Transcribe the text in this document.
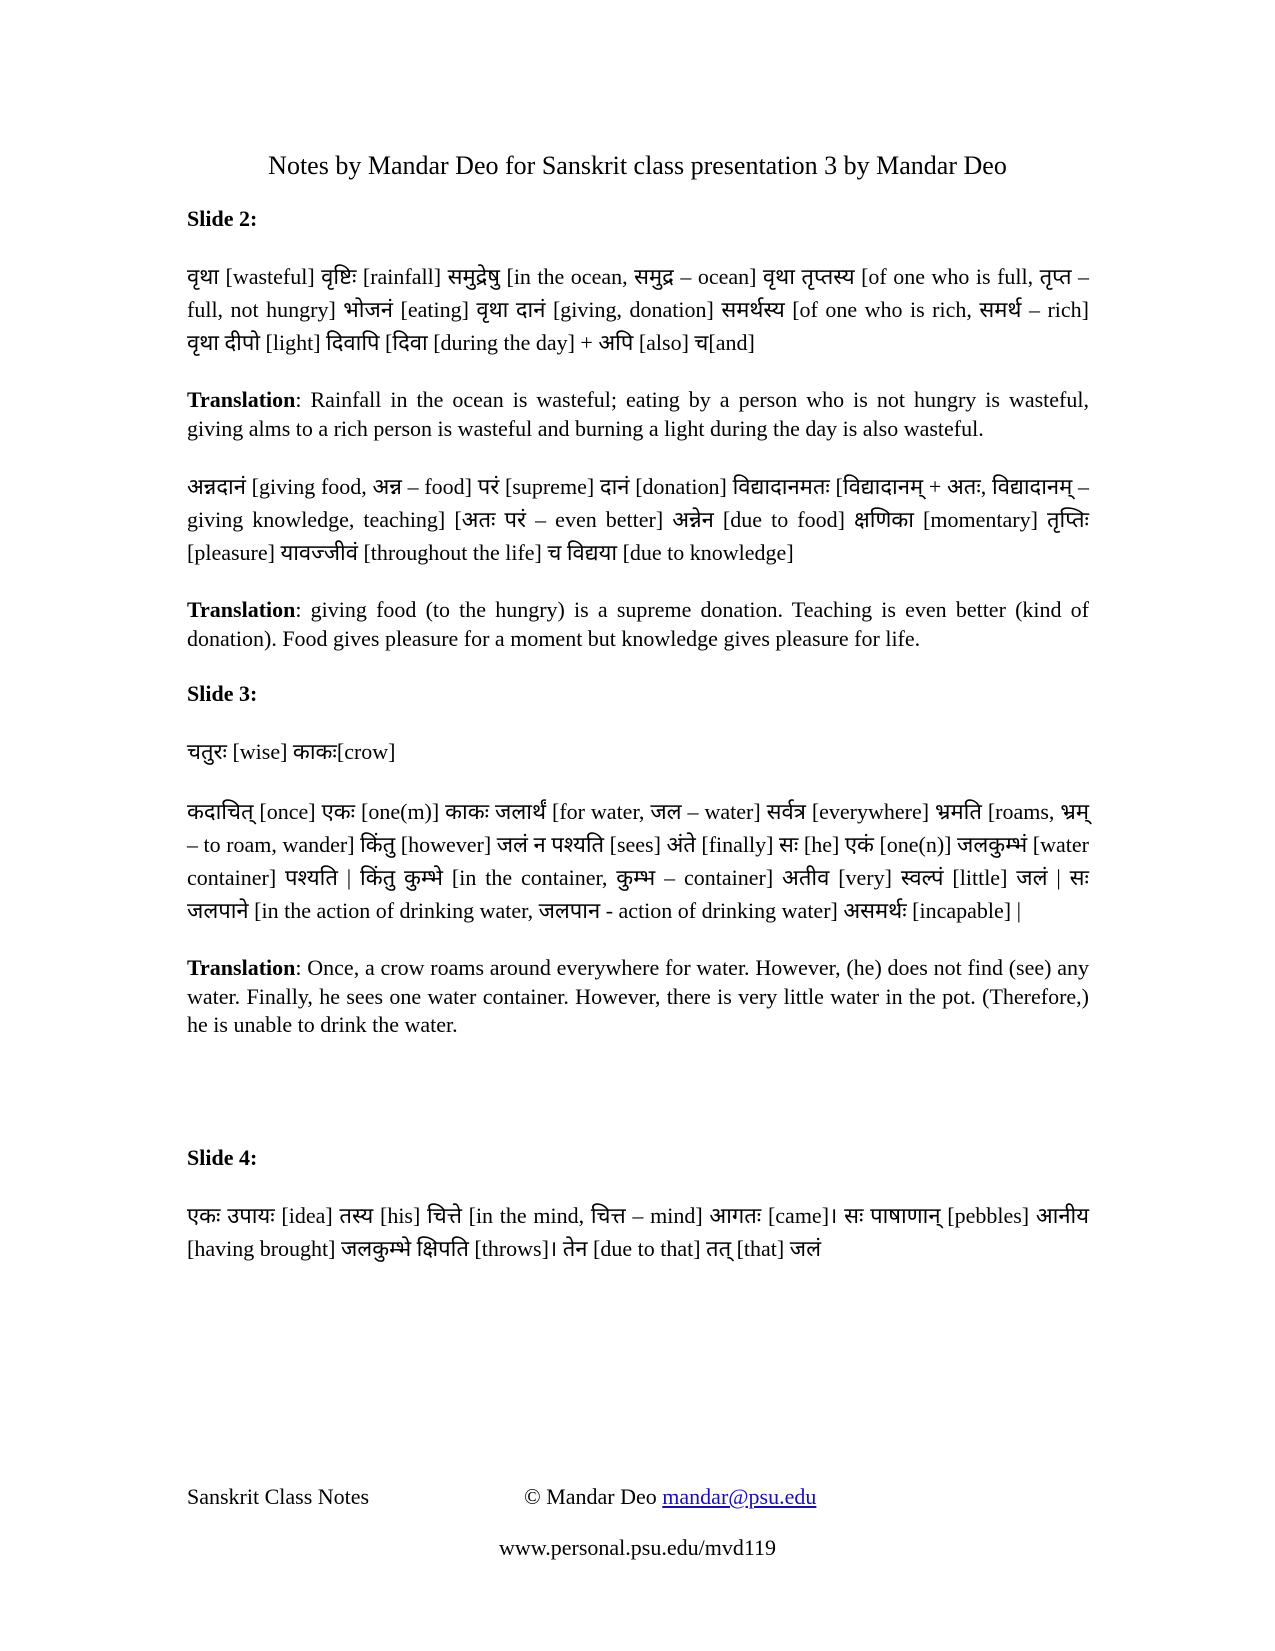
Notes by Mandar Deo for Sanskrit class presentation 3 by Mandar Deo

Slide 2:

वृथा [wasteful] वृष्टिः [rainfall] समुद्रेषु [in the ocean, समुद्र – ocean] वृथा तृप्तस्य [of one who is full, तृप्त – full, not hungry] भोजनं [eating] वृथा दानं [giving, donation] समर्थस्य [of one who is rich, समर्थ – rich] वृथा दीपो [light] दिवापि [दिवा [during the day] + अपि [also] च[and]

Translation: Rainfall in the ocean is wasteful; eating by a person who is not hungry is wasteful, giving alms to a rich person is wasteful and burning a light during the day is also wasteful.

अन्नदानं [giving food, अन्न – food] परं [supreme] दानं [donation] विद्यादानमतः [विद्यादानम् + अतः, विद्यादानम् – giving knowledge, teaching] [अतः परं – even better] अन्नेन [due to food] क्षणिका [momentary] तृप्तिः [pleasure] यावज्जीवं [throughout the life] च विद्यया [due to knowledge]

Translation: giving food (to the hungry) is a supreme donation. Teaching is even better (kind of donation). Food gives pleasure for a moment but knowledge gives pleasure for life.

Slide 3:

चतुरः [wise] काकः[crow]

कदाचित् [once] एकः [one(m)] काकः जलार्थं [for water, जल – water] सर्वत्र [everywhere] भ्रमति [roams, भ्रम् – to roam, wander] किंतु [however] जलं न पश्यति [sees] अंते [finally] सः [he] एकं [one(n)] जलकुम्भं [water container] पश्यति | किंतु कुम्भे [in the container, कुम्भ – container] अतीव [very] स्वल्पं [little] जलं | सः जलपाने [in the action of drinking water, जलपान - action of drinking water] असमर्थः [incapable] |

Translation: Once, a crow roams around everywhere for water. However, (he) does not find (see) any water. Finally, he sees one water container. However, there is very little water in the pot. (Therefore,) he is unable to drink the water.

Slide 4:

एकः उपायः [idea] तस्य [his] चित्ते [in the mind, चित्त – mind] आगतः [came]। सः पाषाणान् [pebbles] आनीय [having brought] जलकुम्भे क्षिपति [throws]। तेन [due to that] तत् [that] जलं

Sanskrit Class Notes	© Mandar Deo mandar@psu.edu

www.personal.psu.edu/mvd119
